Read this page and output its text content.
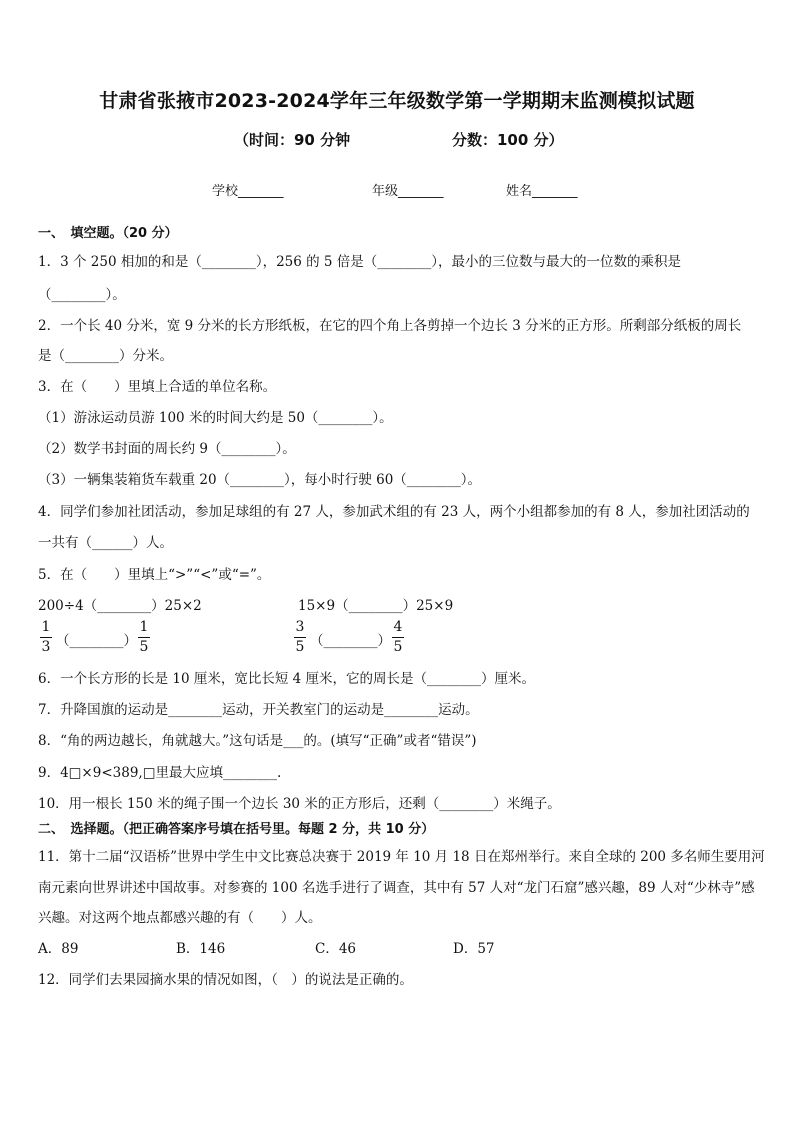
甘肃省张掖市2023-2024学年三年级数学第一学期期末监测模拟试题
（时间：90 分钟	分数：100 分）
学校_______	年级_______	姓名_______
一、　填空题。（20 分）
1．3 个 250 相加的和是（________），256 的 5 倍是（________），最小的三位数与最大的一位数的乘积是
（________）。
2．一个长 40 分米，宽 9 分米的长方形纸板，在它的四个角上各剪掉一个边长 3 分米的正方形。所剩部分纸板的周长
是（________）分米。
3．在（　　）里填上合适的单位名称。
（1）游泳运动员游 100 米的时间大约是 50（________）。
（2）数学书封面的周长约 9（________）。
（3）一辆集装箱货车载重 20（________），每小时行驶 60（________）。
4．同学们参加社团活动，参加足球组的有 27 人，参加武术组的有 23 人，两个小组都参加的有 8 人，参加社团活动的
一共有（______）人。
5．在（　　）里填上“>”“<”或“=”。
200÷4（________）25×2	15×9（________）25×9
1
3 （________）
1
5
3
5 （________）
4
5
6．一个长方形的长是 10 厘米，宽比长短 4 厘米，它的周长是（________）厘米。
7．升降国旗的运动是________运动，开关教室门的运动是________运动。
8．“角的两边越长，角就越大。”这句话是___的。(填写“正确”或者“错误”)
9．4□×9<389,□里最大应填________.
10．用一根长 150 米的绳子围一个边长 30 米的正方形后，还剩（________）米绳子。
二、　选择题。（把正确答案序号填在括号里。每题 2 分，共 10 分）
11．第十二届“汉语桥”世界中学生中文比赛总决赛于 2019 年 10 月 18 日在郑州举行。来自全球的 200 多名师生要用河
南元素向世界讲述中国故事。对参赛的 100 名选手进行了调查，其中有 57 人对“龙门石窟”感兴趣，89 人对“少林寺”感
兴趣。对这两个地点都感兴趣的有（　　）人。
A．89	B．146	C．46	D．57
12．同学们去果园摘水果的情况如图，（　）的说法是正确的。
